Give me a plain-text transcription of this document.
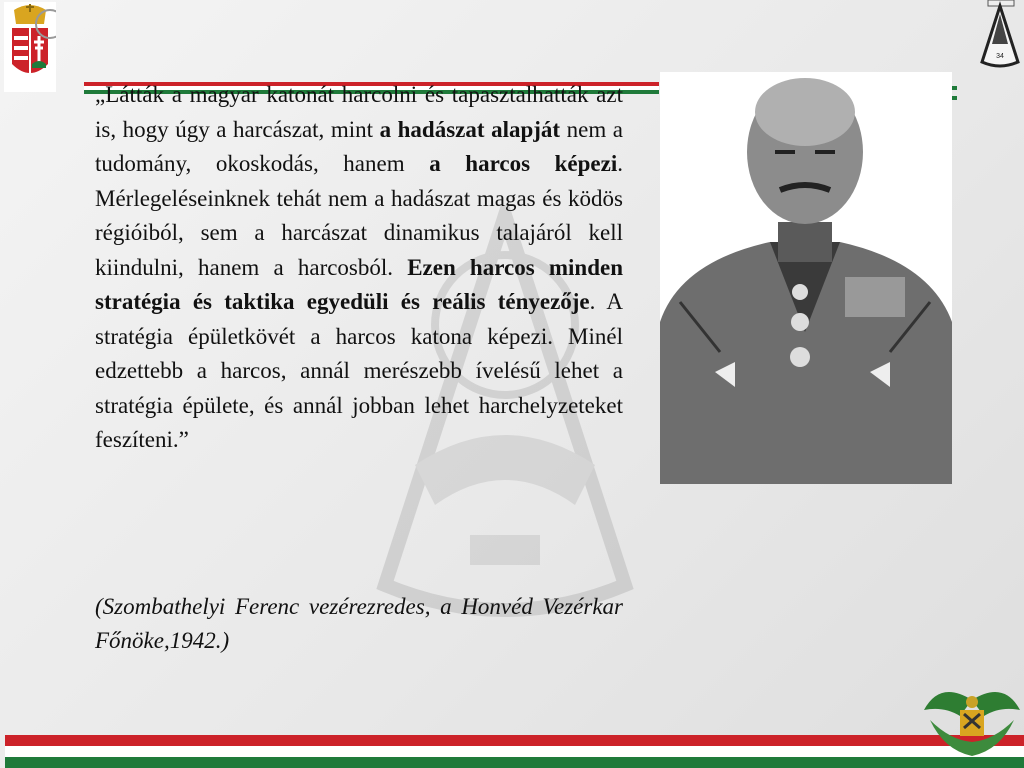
34
„Látták a magyar katonát harcolni és tapasztalhatták azt is, hogy úgy a harcászat, mint a hadászat alapját nem a tudomány, okoskodás, hanem a harcos képezi. Mérlegeléseinknek tehát nem a hadászat magas és ködös régióiból, sem a harcászat dinamikus talajáról kell kiindulni, hanem a harcosból. Ezen harcos minden stratégia és taktika egyedüli és reális tényezője. A stratégia épületkövét a harcos katona képezi. Minél edzettebb a harcos, annál merészebb ívelésű lehet a stratégia épülete, és annál jobban lehet harchelyzeteket feszíteni.”
(Szombathelyi Ferenc vezérezredes, a Honvéd Vezérkar Főnöke,1942.)
